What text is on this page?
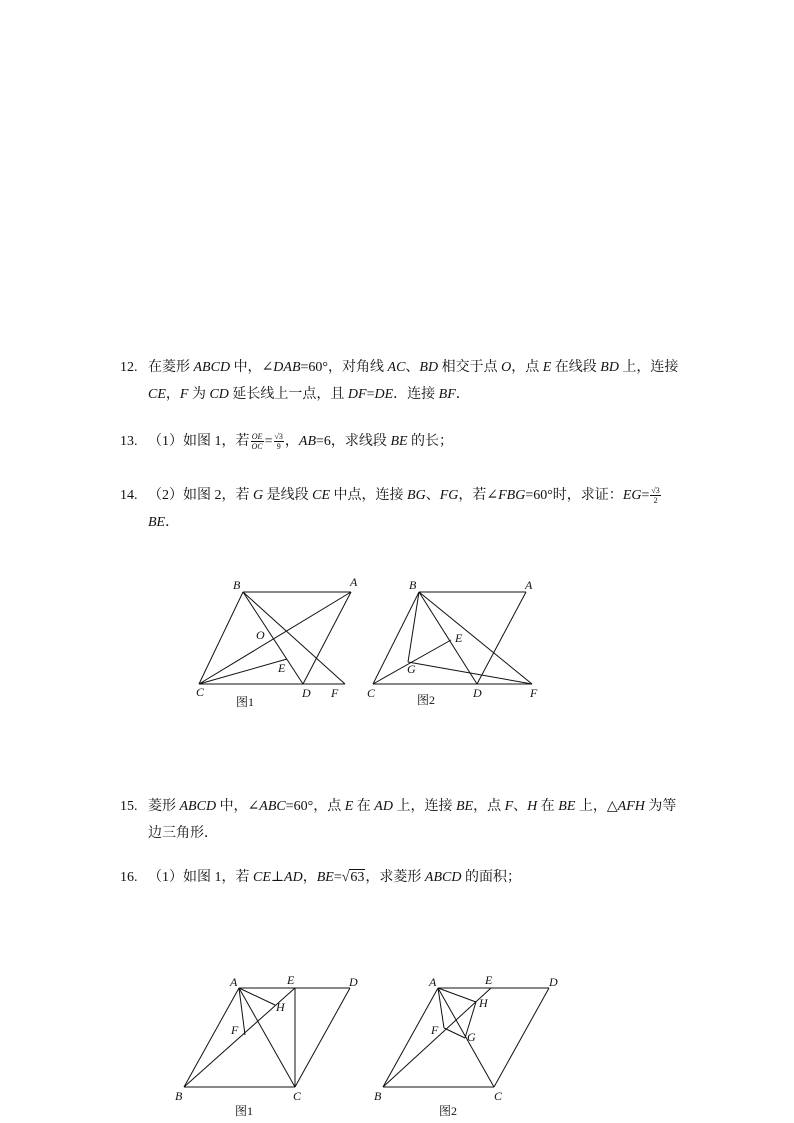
12. 在菱形 ABCD 中，∠DAB=60°，对角线 AC、BD 相交于点 O，点 E 在线段 BD 上，连接
CE，F 为 CD 延长线上一点，且 DF=DE．连接 BF．
13. （1）如图 1，若 $\frac{OE}{OC} = \frac{√3}{9}$ ，AB=6，求线段 BE 的长；
14. （2）如图 2，若 G 是线段 CE 中点，连接 BG、FG，若∠FBG=60°时，求证：$EG= \frac{√3}{2}$
BE．
15. 菱形 ABCD 中，∠ABC=60°，点 E 在 AD 上，连接 BE，点 F、H 在 BE 上，△AFH 为等
边三角形．
16. （1）如图 1，若 CE⊥AD，BE=√63，求菱形 ABCD 的面积；
B	A
O
E
C	D F
图1
B	A
E
G
C	D	F
图2
A	E	D
H
F
B	C
图1
A	E	D
H
F G
B	C
图2
